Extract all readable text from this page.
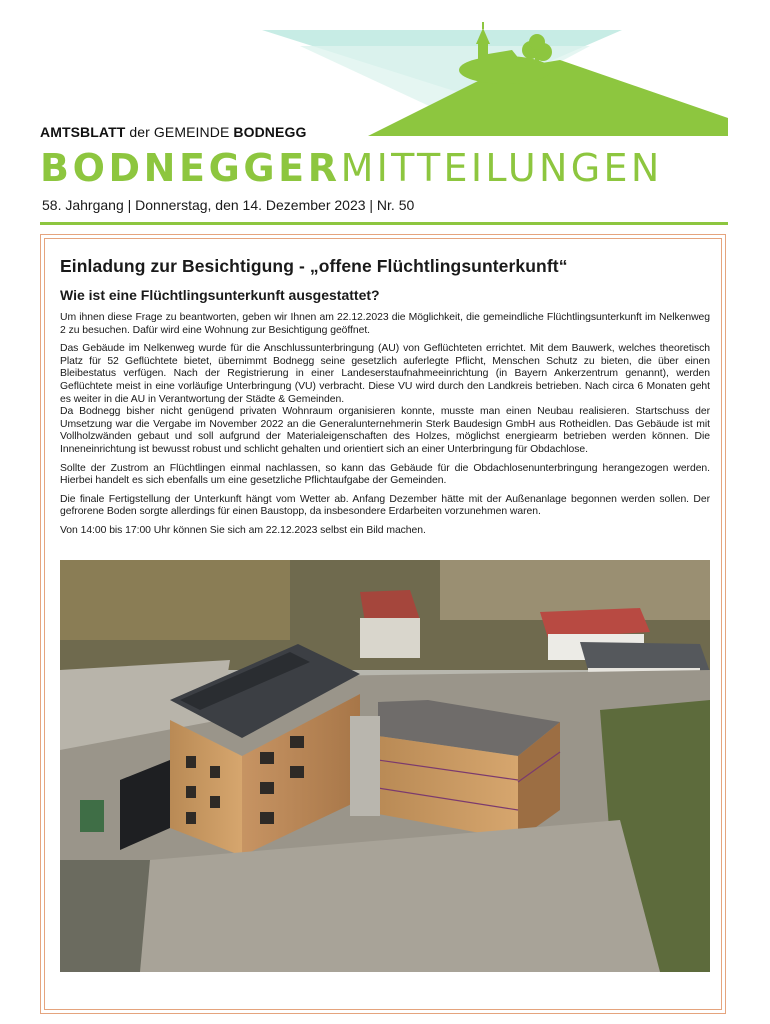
AMTSBLATT der GEMEINDE BODNEGG
BODNEGGERMITTEILUNGEN
58. Jahrgang | Donnerstag, den 14. Dezember 2023 | Nr. 50
Einladung zur Besichtigung - „offene Flüchtlingsunterkunft“
Wie ist eine Flüchtlingsunterkunft ausgestattet?

Um ihnen diese Frage zu beantworten, geben wir Ihnen am 22.12.2023 die Möglichkeit, die gemeindliche Flüchtlingsunterkunft im Nelkenweg 2 zu besuchen. Dafür wird eine Wohnung zur Besichtigung geöffnet.

Das Gebäude im Nelkenweg wurde für die Anschlussunterbringung (AU) von Geflüchteten errichtet. Mit dem Bauwerk, welches theoretisch Platz für 52 Geflüchtete bietet, übernimmt Bodnegg seine gesetzlich auferlegte Pflicht, Menschen Schutz zu bieten, die über einen Bleibestatus verfügen. Nach der Registrierung in einer Landeserstaufnahmeeinrichtung (in Bayern Ankerzentrum genannt), werden Geflüchtete meist in eine vorläufige Unterbringung (VU) verbracht. Diese VU wird durch den Landkreis betrieben. Nach circa 6 Monaten geht es weiter in die AU in Verantwortung der Städte & Gemeinden.

Da Bodnegg bisher nicht genügend privaten Wohnraum organisieren konnte, musste man einen Neubau realisieren. Startschuss der Umsetzung war die Vergabe im November 2022 an die Generalunternehmerin Sterk Baudesign GmbH aus Rotheidlen. Das Gebäude ist mit Vollholzwänden gebaut und soll aufgrund der Materialeigenschaften des Holzes, möglichst energiearm betrieben werden können. Die Inneneinrichtung ist bewusst robust und schlicht gehalten und orientiert sich an einer Unterbringung für Obdachlose.

Sollte der Zustrom an Flüchtlingen einmal nachlassen, so kann das Gebäude für die Obdachlosenunterbringung herangezogen werden. Hierbei handelt es sich ebenfalls um eine gesetzliche Pflichtaufgabe der Gemeinden.

Die finale Fertigstellung der Unterkunft hängt vom Wetter ab. Anfang Dezember hätte mit der Außenanlage begonnen werden sollen. Der gefrorene Boden sorgte allerdings für einen Baustopp, da insbesondere Erdarbeiten vorzunehmen waren.

Von 14:00 bis 17:00 Uhr können Sie sich am 22.12.2023 selbst ein Bild machen.
